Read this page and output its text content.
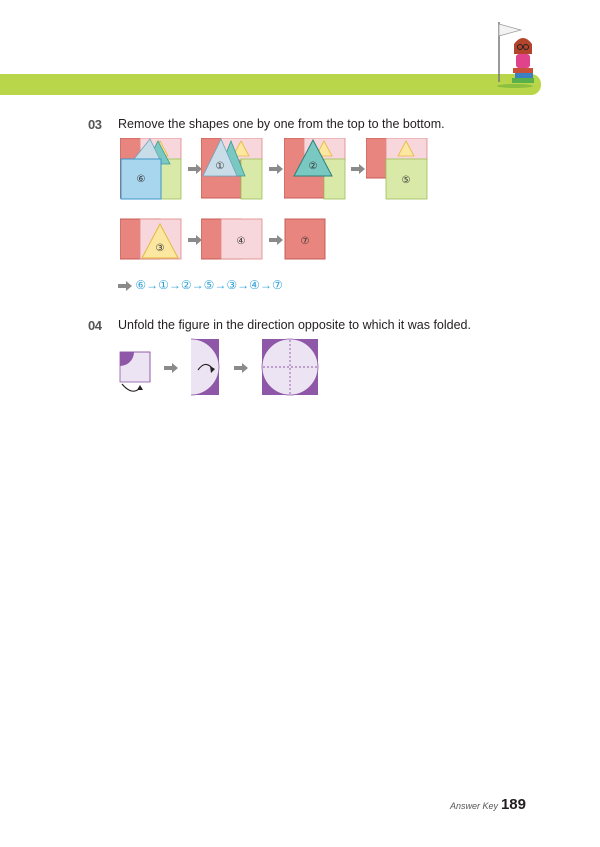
03 Remove the shapes one by one from the top to the bottom.
⑥
①	②
⑤
③
④	⑦
⑥→①→②→⑤→③→④→⑦
04 Unfold the figure in the direction opposite to which it was folded.
Answer Key 189
